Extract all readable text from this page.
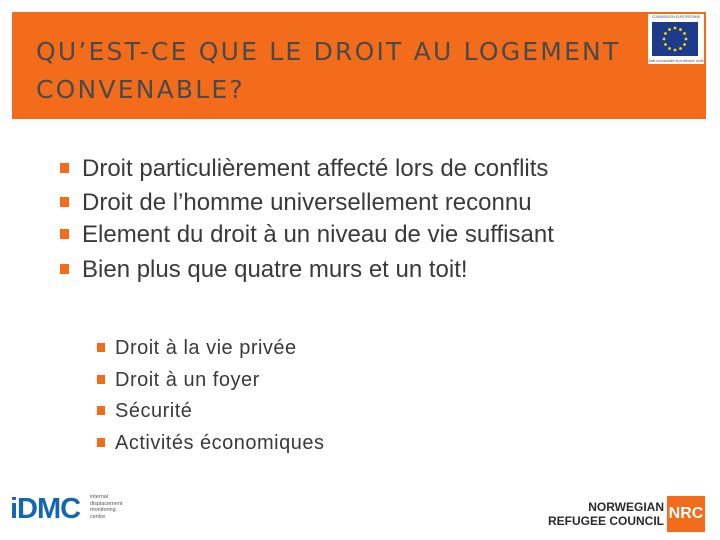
QU’EST-CE QUE LE DROIT AU LOGEMENT
CONVENABLE?
COMMISSION EUROPÉENNE
Aide humanitaire et protection civile
Droit particulièrement affecté lors de conflits
Droit de l’homme universellement reconnu
Element du droit à un niveau de vie suffisant
Bien plus que quatre murs et un toit!
Droit à la vie privée
Droit à un foyer
Sécurité
Activités économiques
iDMC internal
displacement
monitoring
centre
NORWEGIAN
REFUGEE COUNCIL NRC
